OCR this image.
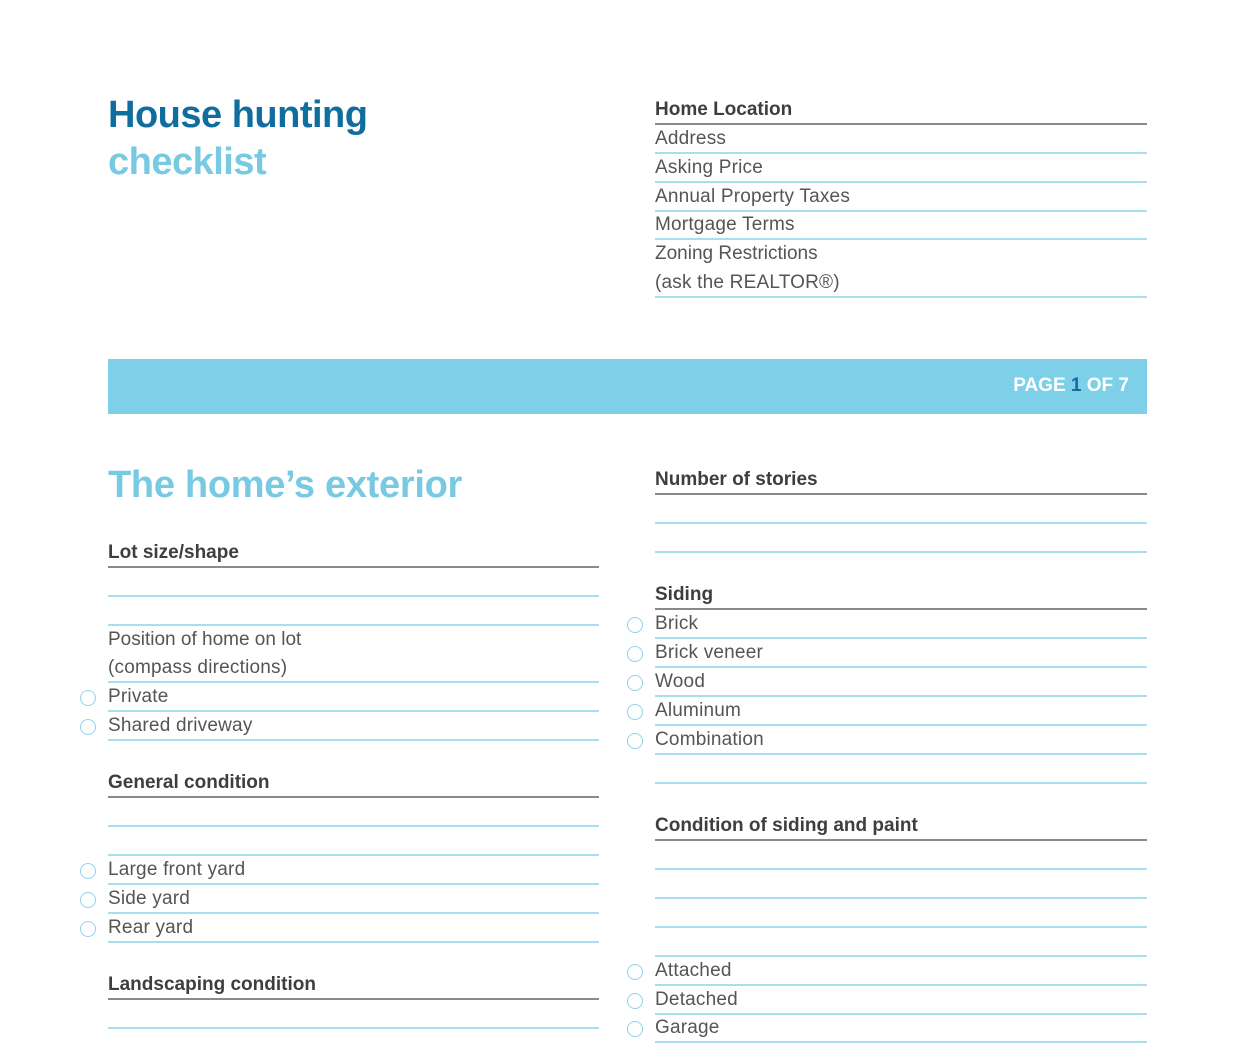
House hunting
checklist
Home Location
Address
Asking Price
Annual Property Taxes
Mortgage Terms
Zoning Restrictions
(ask the REALTOR®)
PAGE 1 OF 7
The home’s exterior
Lot size/shape
Position of home on lot
(compass directions)
Private
Shared driveway
General condition
Large front yard
Side yard
Rear yard
Landscaping condition
Number of stories
Siding
Brick
Brick veneer
Wood
Aluminum
Combination
Condition of siding and paint
Attached
Detached
Garage
